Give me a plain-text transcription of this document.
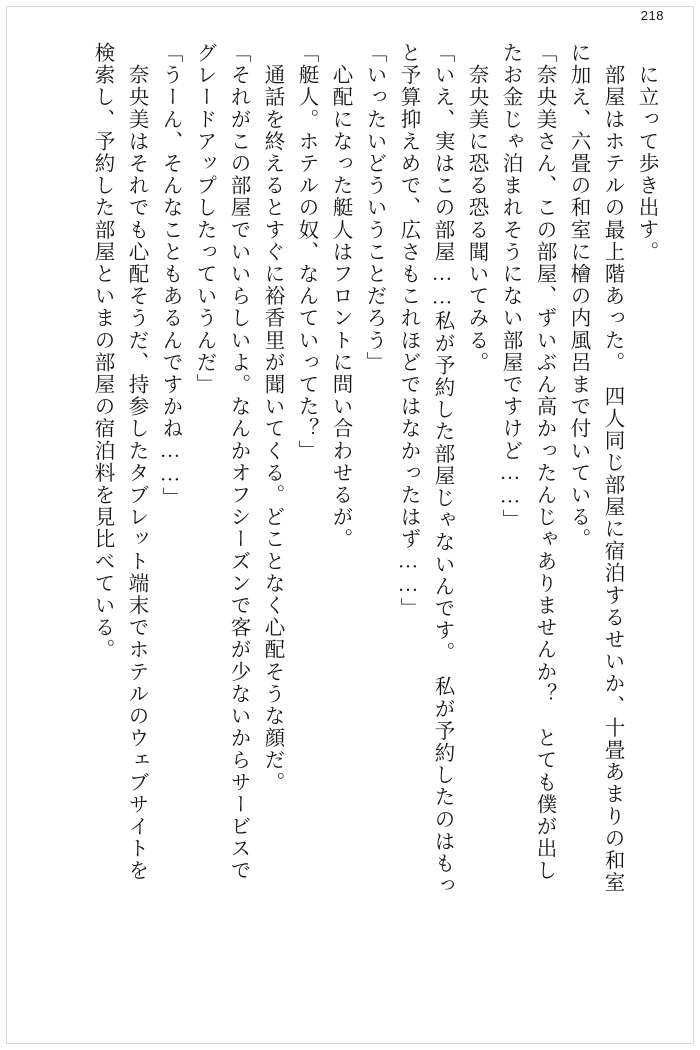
218
に立って歩き出す。
　部屋はホテルの最上階あった。　四人同じ部屋に宿泊するせいか、十畳あまりの和室
に加え、六畳の和室に檜の内風呂まで付いている。
「奈央美さん、この部屋、ずいぶん高かったんじゃありませんか？　とても僕が出し
たお金じゃ泊まれそうにない部屋ですけど……」
　奈央美に恐る恐る聞いてみる。
「いえ、実はこの部屋……私が予約した部屋じゃないんです。　私が予約したのはもっ
と予算抑えめで、広さもこれほどではなかったはず……」
「いったいどういうことだろう」
　心配になった艇人はフロントに問い合わせるが。
「艇人。ホテルの奴、なんていってた？」
　通話を終えるとすぐに裕香里が聞いてくる。どことなく心配そうな顔だ。
「それがこの部屋でいいらしいよ。なんかオフシーズンで客が少ないからサービスで
グレードアップしたっていうんだ」
「うーん、そんなこともあるんですかね……」
　奈央美はそれでも心配そうだ、持参したタブレット端末でホテルのウェブサイトを
検索し、予約した部屋といまの部屋の宿泊料を見比べている。
